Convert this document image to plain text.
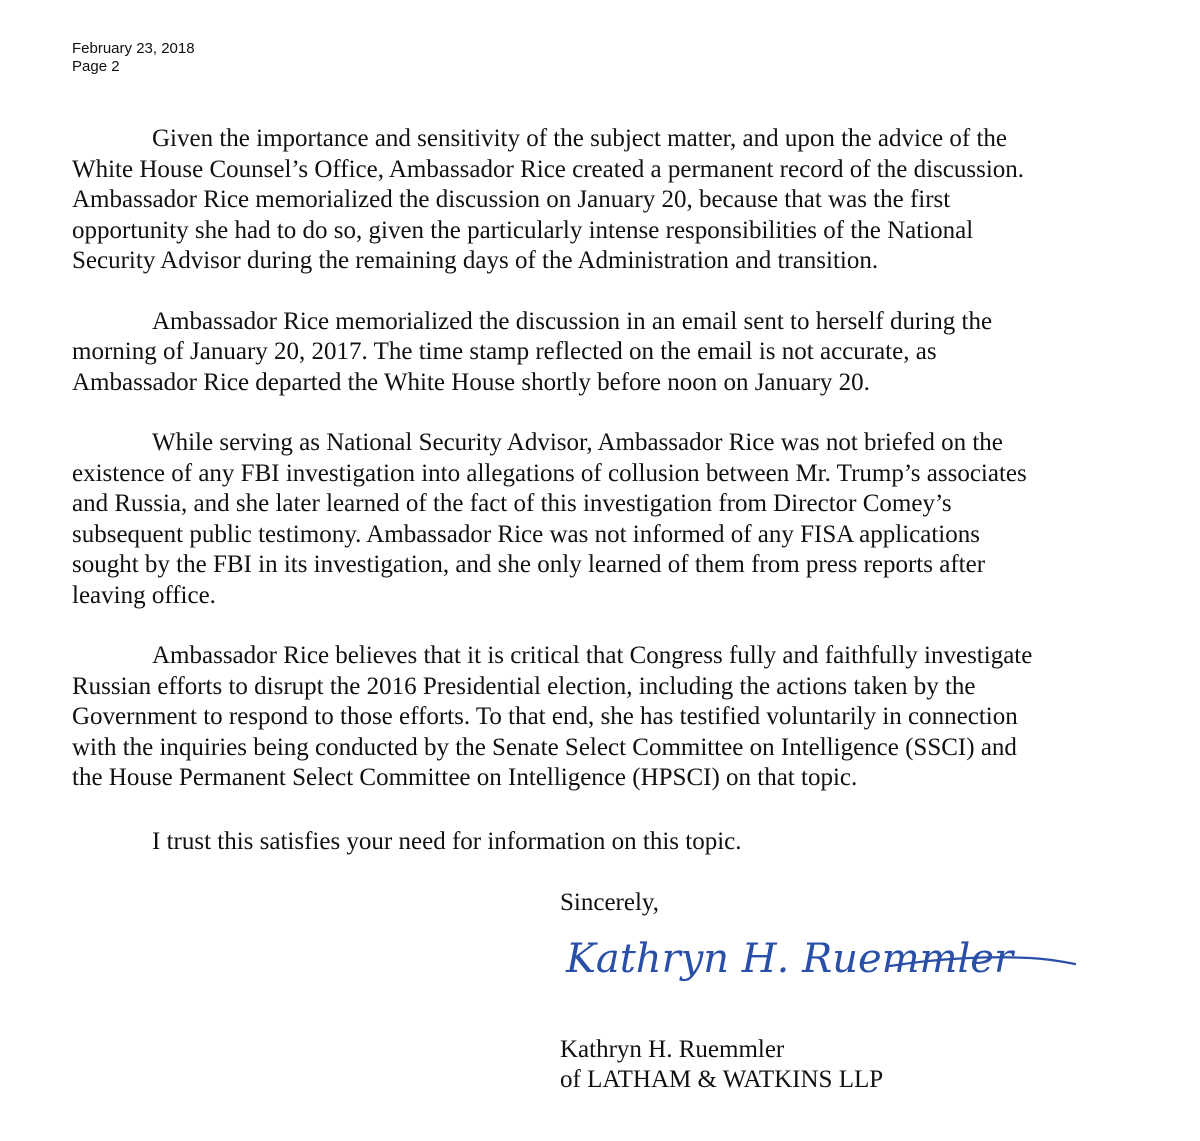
February 23, 2018
Page 2

Given the importance and sensitivity of the subject matter, and upon the advice of the
White House Counsel’s Office, Ambassador Rice created a permanent record of the discussion.
Ambassador Rice memorialized the discussion on January 20, because that was the first
opportunity she had to do so, given the particularly intense responsibilities of the National
Security Advisor during the remaining days of the Administration and transition.

Ambassador Rice memorialized the discussion in an email sent to herself during the
morning of January 20, 2017. The time stamp reflected on the email is not accurate, as
Ambassador Rice departed the White House shortly before noon on January 20.

While serving as National Security Advisor, Ambassador Rice was not briefed on the
existence of any FBI investigation into allegations of collusion between Mr. Trump’s associates
and Russia, and she later learned of the fact of this investigation from Director Comey’s
subsequent public testimony. Ambassador Rice was not informed of any FISA applications
sought by the FBI in its investigation, and she only learned of them from press reports after
leaving office.

Ambassador Rice believes that it is critical that Congress fully and faithfully investigate
Russian efforts to disrupt the 2016 Presidential election, including the actions taken by the
Government to respond to those efforts. To that end, she has testified voluntarily in connection
with the inquiries being conducted by the Senate Select Committee on Intelligence (SSCI) and
the House Permanent Select Committee on Intelligence (HPSCI) on that topic.

I trust this satisfies your need for information on this topic.
Sincerely,
Kathryn H. Ruemmler
Kathryn H. Ruemmler
of LATHAM & WATKINS LLP
